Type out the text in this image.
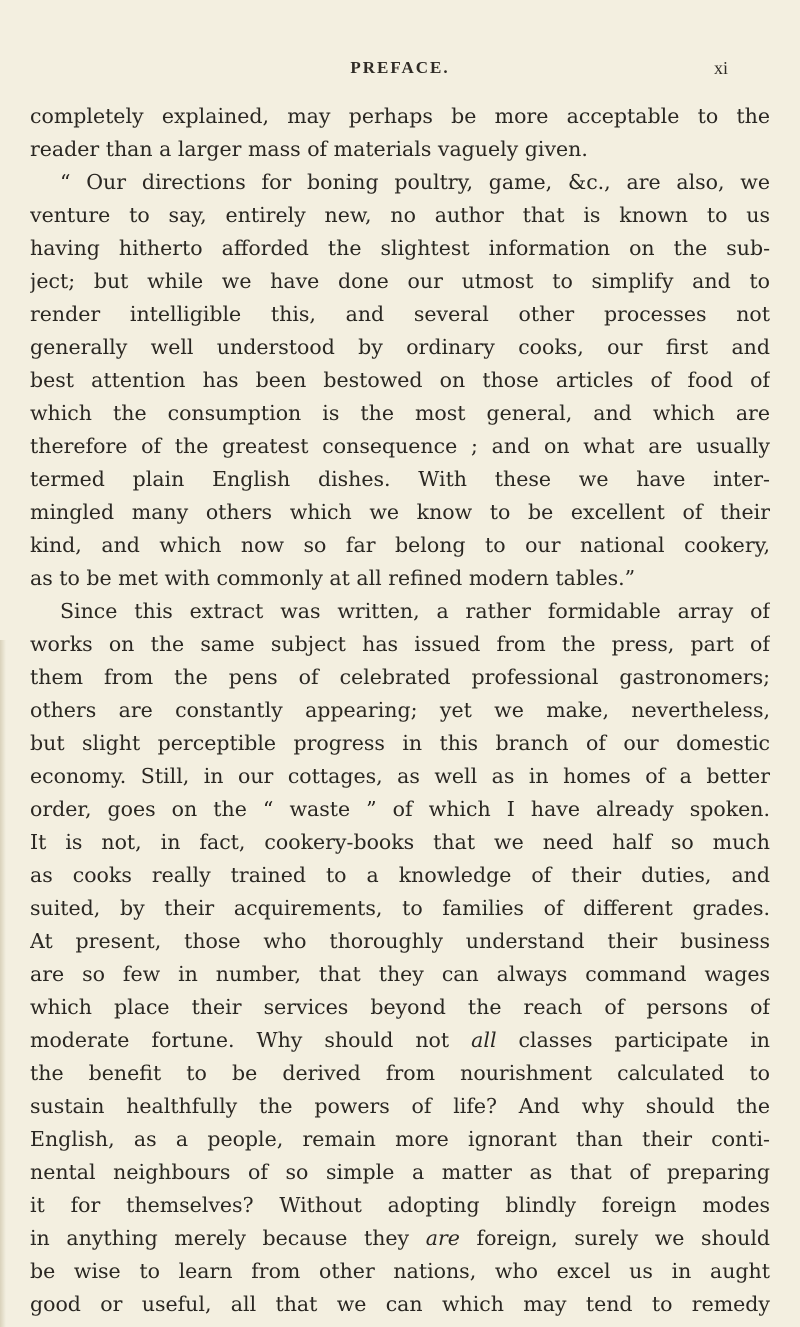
PREFACE.	xi
completely explained, may perhaps be more acceptable to the
reader than a larger mass of materials vaguely given.
“ Our directions for boning poultry, game, &c., are also, we
venture to say, entirely new, no author that is known to us
having hitherto afforded the slightest information on the sub-
ject; but while we have done our utmost to simplify and to
render intelligible this, and several other processes not
generally well understood by ordinary cooks, our first and
best attention has been bestowed on those articles of food of
which the consumption is the most general, and which are
therefore of the greatest consequence ; and on what are usually
termed plain English dishes. With these we have inter-
mingled many others which we know to be excellent of their
kind, and which now so far belong to our national cookery,
as to be met with commonly at all refined modern tables.”
Since this extract was written, a rather formidable array of
works on the same subject has issued from the press, part of
them from the pens of celebrated professional gastronomers;
others are constantly appearing; yet we make, nevertheless,
but slight perceptible progress in this branch of our domestic
economy. Still, in our cottages, as well as in homes of a better
order, goes on the “ waste ” of which I have already spoken.
It is not, in fact, cookery-books that we need half so much
as cooks really trained to a knowledge of their duties, and
suited, by their acquirements, to families of different grades.
At present, those who thoroughly understand their business
are so few in number, that they can always command wages
which place their services beyond the reach of persons of
moderate fortune. Why should not all classes participate in
the benefit to be derived from nourishment calculated to
sustain healthfully the powers of life? And why should the
English, as a people, remain more ignorant than their conti-
nental neighbours of so simple a matter as that of preparing
it for themselves? Without adopting blindly foreign modes
in anything merely because they are foreign, surely we should
be wise to learn from other nations, who excel us in aught
good or useful, all that we can which may tend to remedy
